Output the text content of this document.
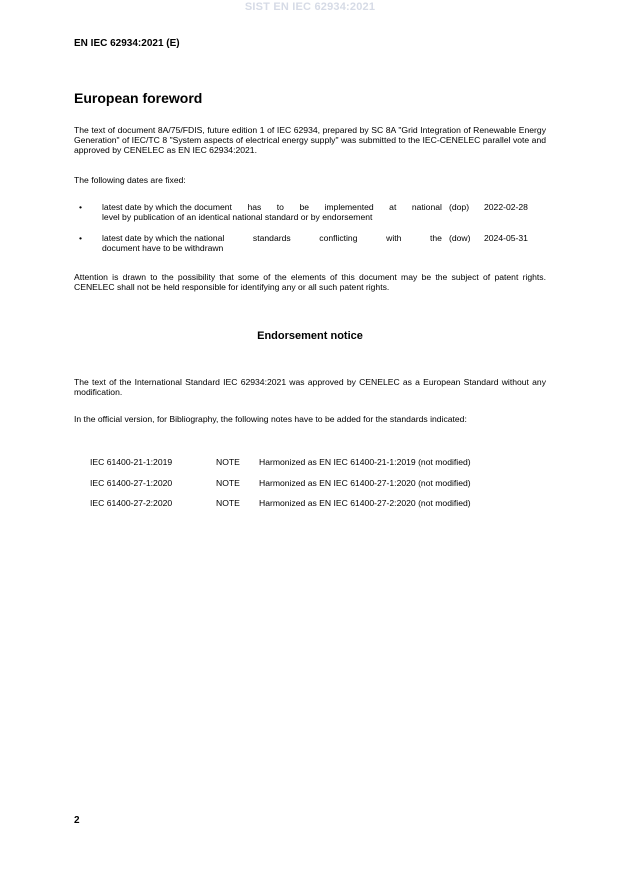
SIST EN IEC 62934:2021
EN IEC 62934:2021 (E)
European foreword
The text of document 8A/75/FDIS, future edition 1 of IEC 62934, prepared by SC 8A "Grid Integration of Renewable Energy Generation" of IEC/TC 8 "System aspects of electrical energy supply" was submitted to the IEC-CENELEC parallel vote and approved by CENELEC as EN IEC 62934:2021.
The following dates are fixed:
• latest date by which the document has to be implemented at national
level by publication of an identical national standard or by endorsement
(dop) 2022-02-28
• latest date by which the national	standards	conflicting	with	the
document have to be withdrawn
(dow) 2024-05-31
Attention is drawn to the possibility that some of the elements of this document may be the subject of patent rights. CENELEC shall not be held responsible for identifying any or all such patent rights.
Endorsement notice
The text of the International Standard IEC 62934:2021 was approved by CENELEC as a European Standard without any modification.
In the official version, for Bibliography, the following notes have to be added for the standards indicated:
IEC 61400-21-1:2019	NOTE Harmonized as EN IEC 61400-21-1:2019 (not modified)
IEC 61400-27-1:2020	NOTE Harmonized as EN IEC 61400-27-1:2020 (not modified)
IEC 61400-27-2:2020	NOTE Harmonized as EN IEC 61400-27-2:2020 (not modified)
2
